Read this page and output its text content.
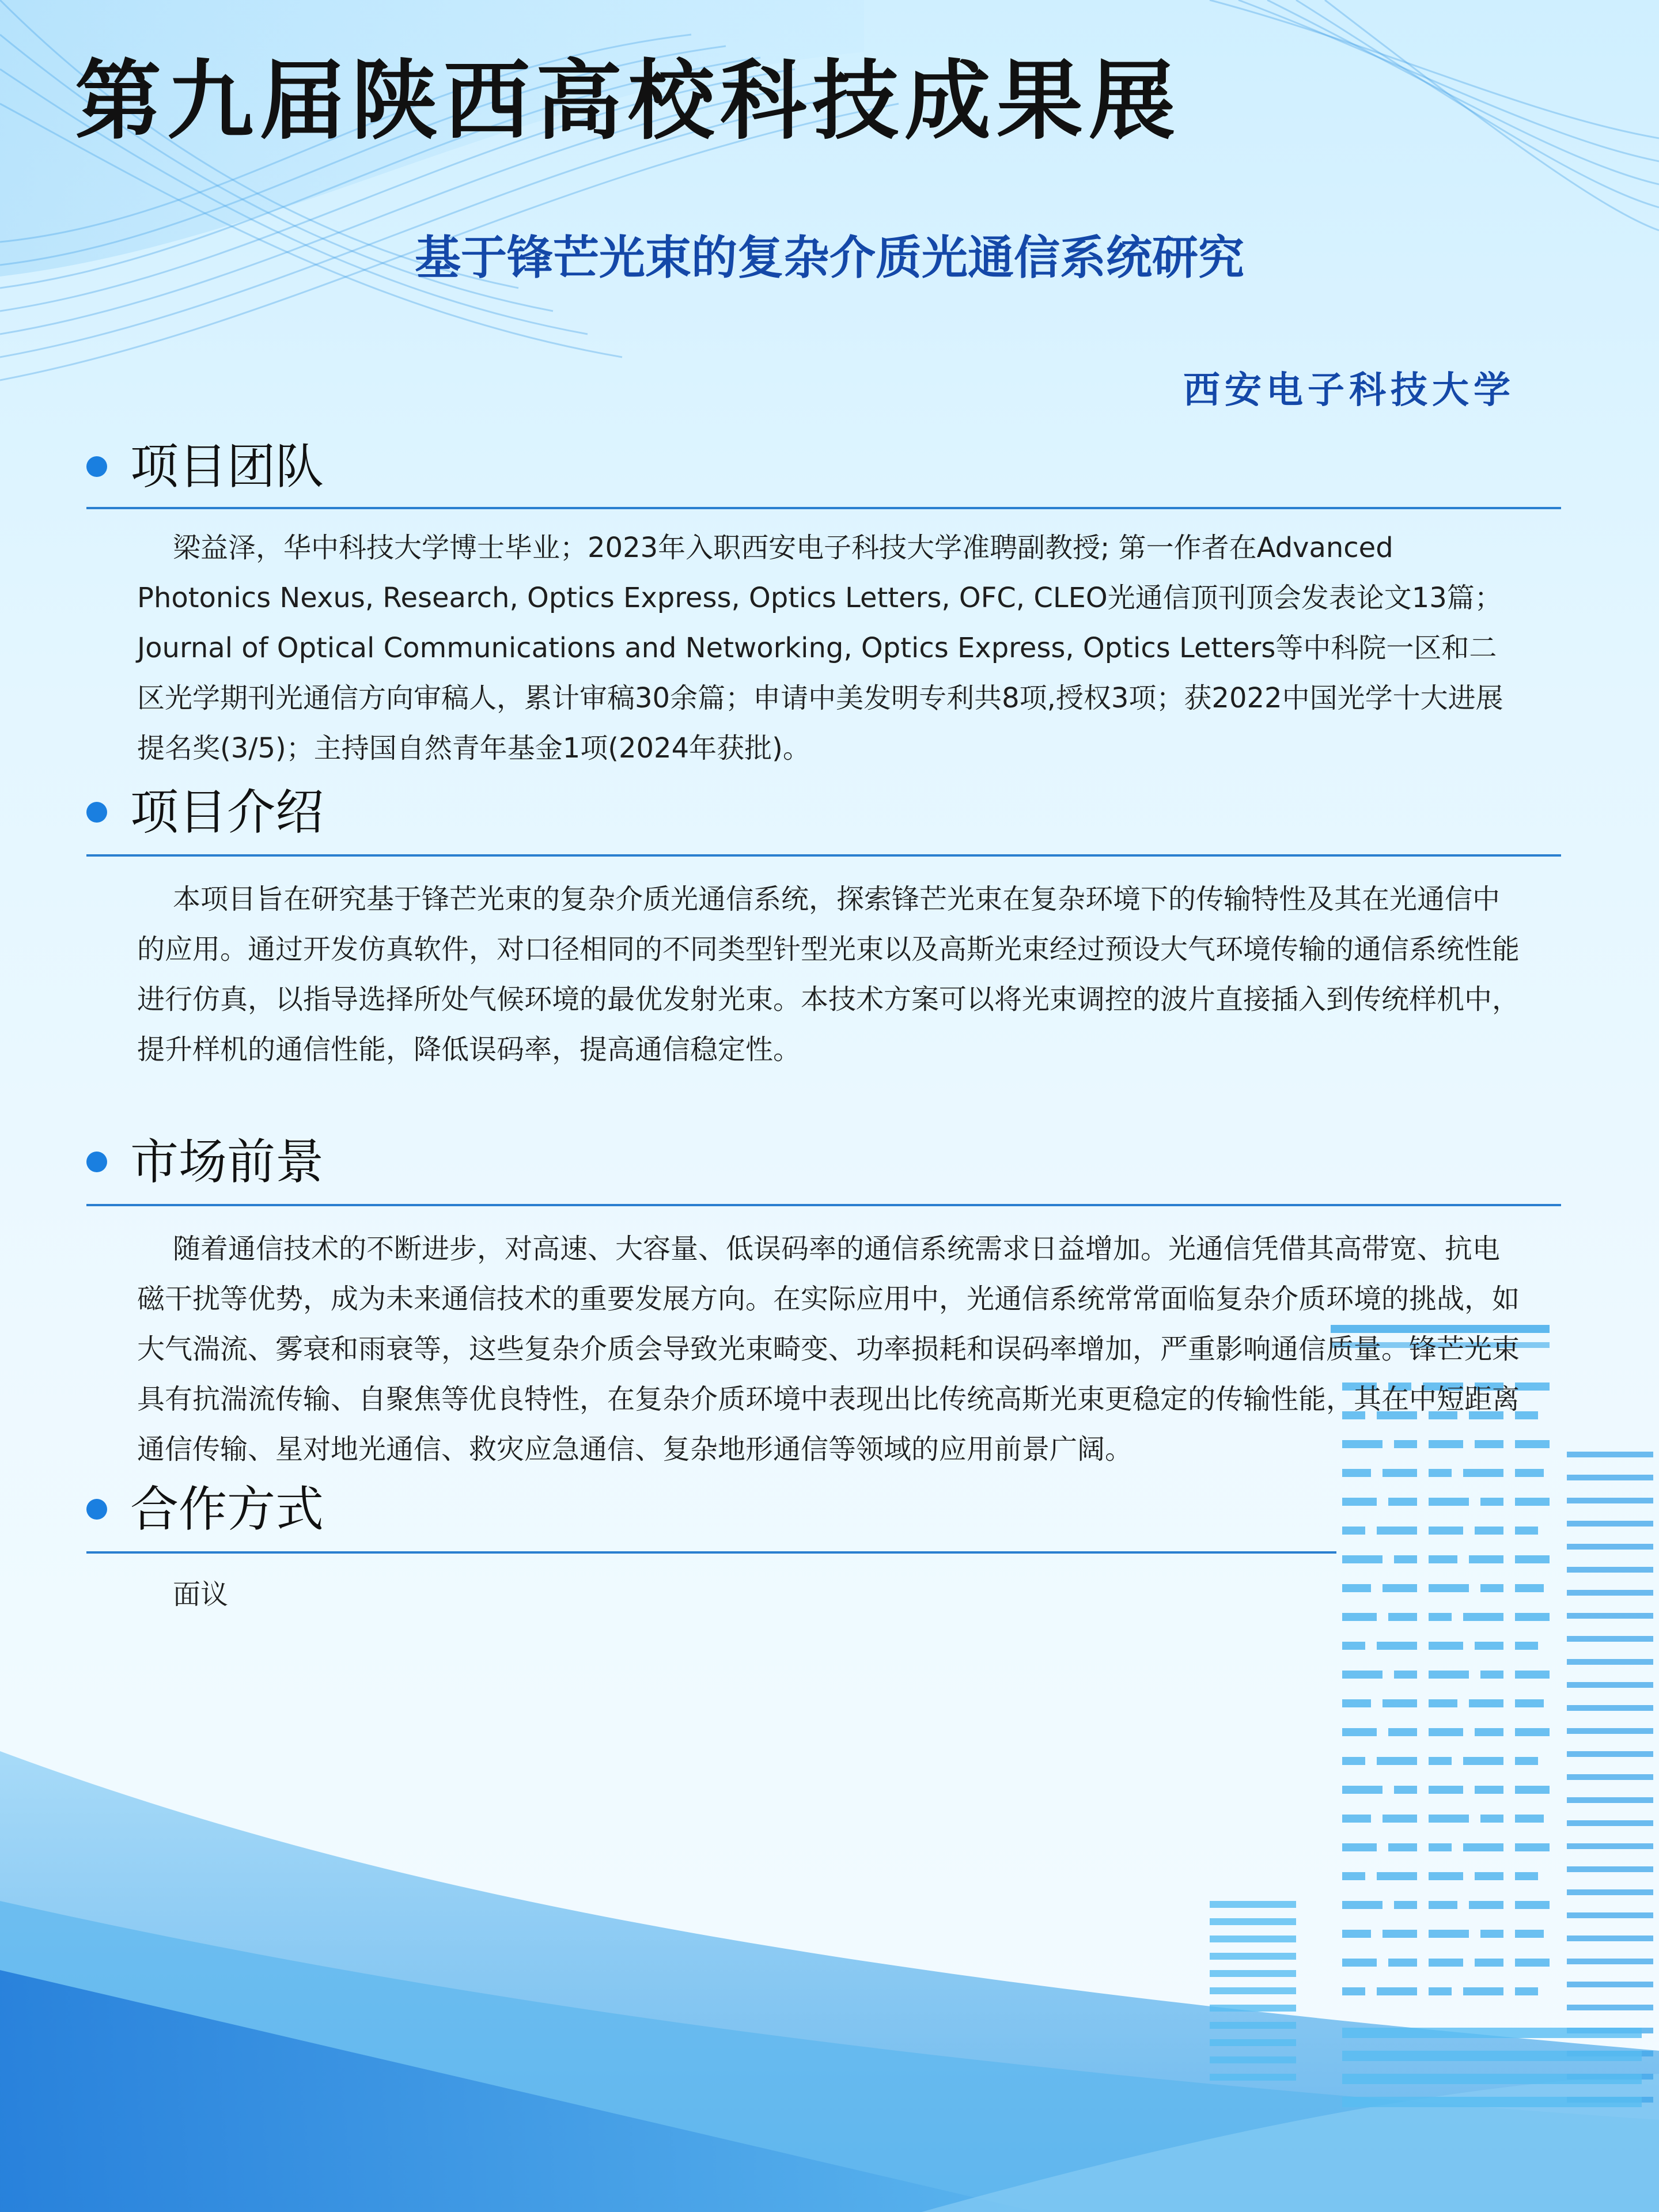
第九届陕西高校科技成果展
基于锋芒光束的复杂介质光通信系统研究
西安电子科技大学
项目团队

梁益泽，华中科技大学博士毕业；2023年入职西安电子科技大学准聘副教授; 第一作者在Advanced Photonics Nexus, Research, Optics Express, Optics Letters, OFC, CLEO光通信顶刊顶会发表论文13篇；Journal of Optical Communications and Networking, Optics Express, Optics Letters等中科院一区和二区光学期刊光通信方向审稿人，累计审稿30余篇；申请中美发明专利共8项,授权3项；获2022中国光学十大进展提名奖(3/5)；主持国自然青年基金1项(2024年获批)。

项目介绍

本项目旨在研究基于锋芒光束的复杂介质光通信系统，探索锋芒光束在复杂环境下的传输特性及其在光通信中的应用。通过开发仿真软件，对口径相同的不同类型针型光束以及高斯光束经过预设大气环境传输的通信系统性能进行仿真，以指导选择所处气候环境的最优发射光束。本技术方案可以将光束调控的波片直接插入到传统样机中，提升样机的通信性能，降低误码率，提高通信稳定性。

市场前景

随着通信技术的不断进步，对高速、大容量、低误码率的通信系统需求日益增加。光通信凭借其高带宽、抗电磁干扰等优势，成为未来通信技术的重要发展方向。在实际应用中，光通信系统常常面临复杂介质环境的挑战，如大气湍流、雾衰和雨衰等，这些复杂介质会导致光束畸变、功率损耗和误码率增加，严重影响通信质量。锋芒光束具有抗湍流传输、自聚焦等优良特性，在复杂介质环境中表现出比传统高斯光束更稳定的传输性能，其在中短距离通信传输、星对地光通信、救灾应急通信、复杂地形通信等领域的应用前景广阔。

合作方式

面议
